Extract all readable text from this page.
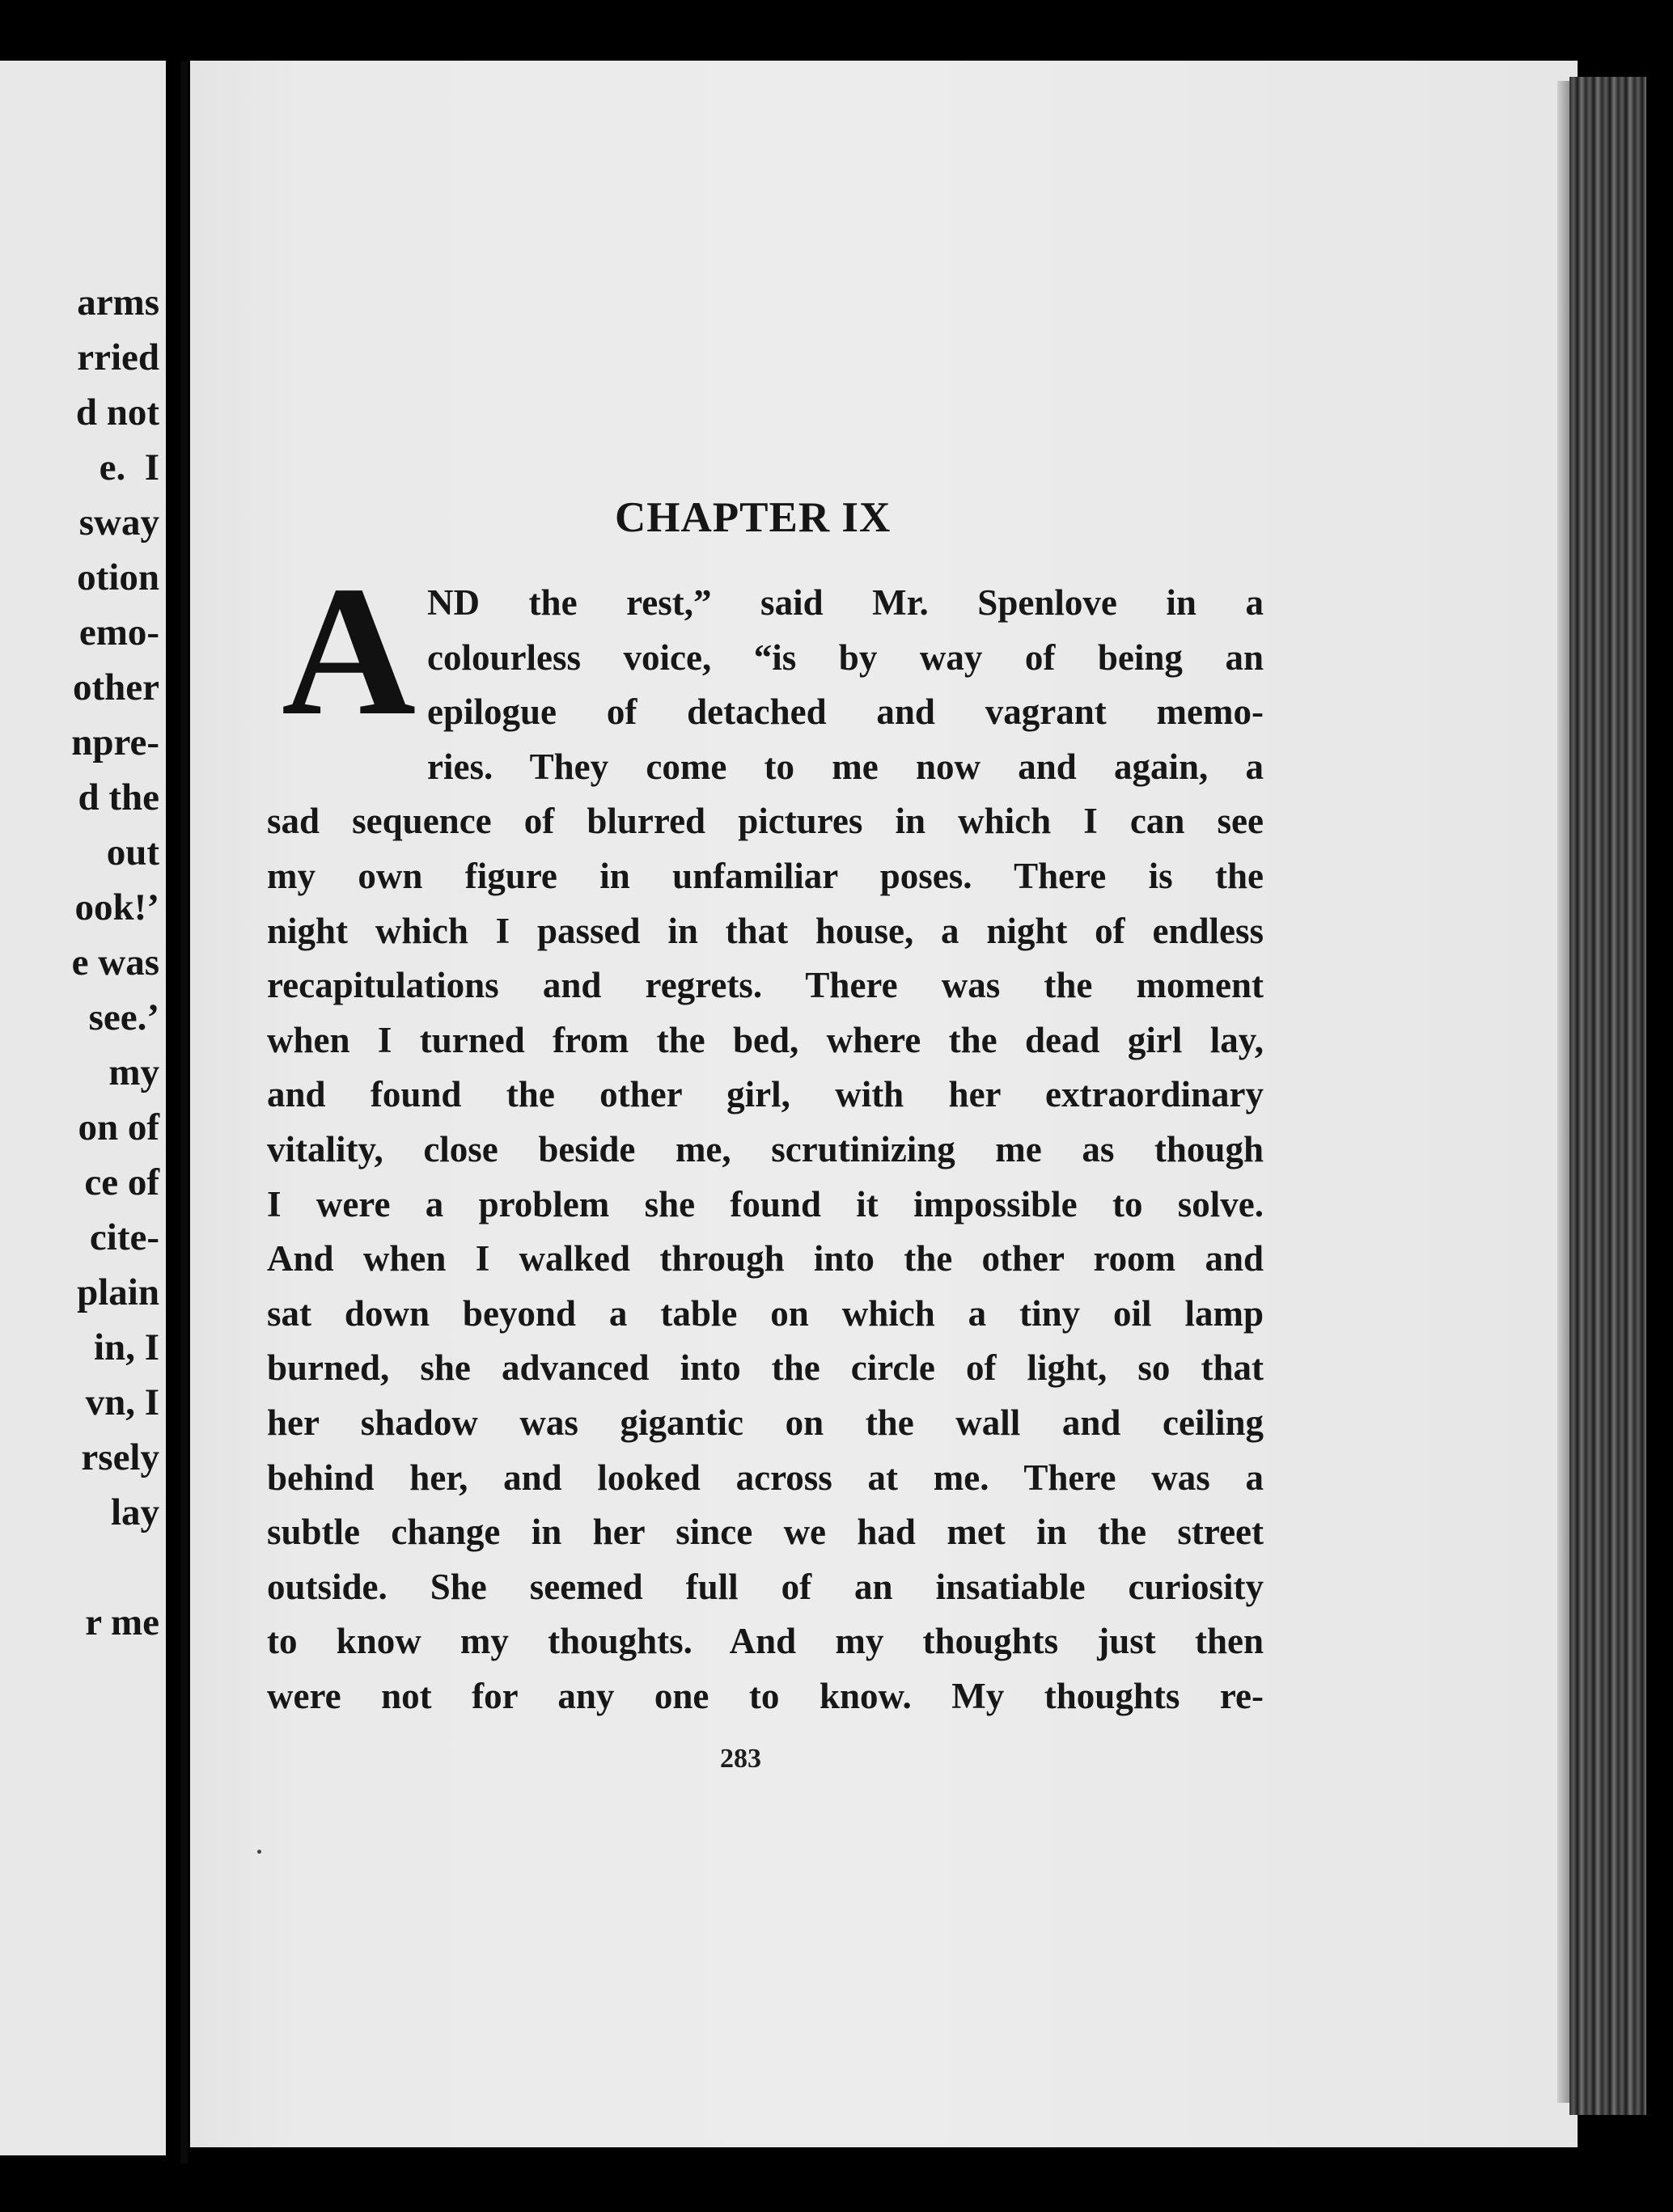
arms
rried
d not
e.  I
sway
otion
emo-
other
npre-
d the
out
ook!’
e was
see.’
my
on of
ce of
cite-
plain
in, I
vn, I
rsely
lay

r me
CHAPTER IX
A ND the rest,” said Mr. Spenlove in a
colourless voice, “is by way of being an
epilogue of detached and vagrant memo-
ries. They come to me now and again, a
sad sequence of blurred pictures in which I can see
my own figure in unfamiliar poses. There is the
night which I passed in that house, a night of endless
recapitulations and regrets. There was the moment
when I turned from the bed, where the dead girl lay,
and found the other girl, with her extraordinary
vitality, close beside me, scrutinizing me as though
I were a problem she found it impossible to solve.
And when I walked through into the other room and
sat down beyond a table on which a tiny oil lamp
burned, she advanced into the circle of light, so that
her shadow was gigantic on the wall and ceiling
behind her, and looked across at me. There was a
subtle change in her since we had met in the street
outside. She seemed full of an insatiable curiosity
to know my thoughts. And my thoughts just then
were not for any one to know. My thoughts re-
283
